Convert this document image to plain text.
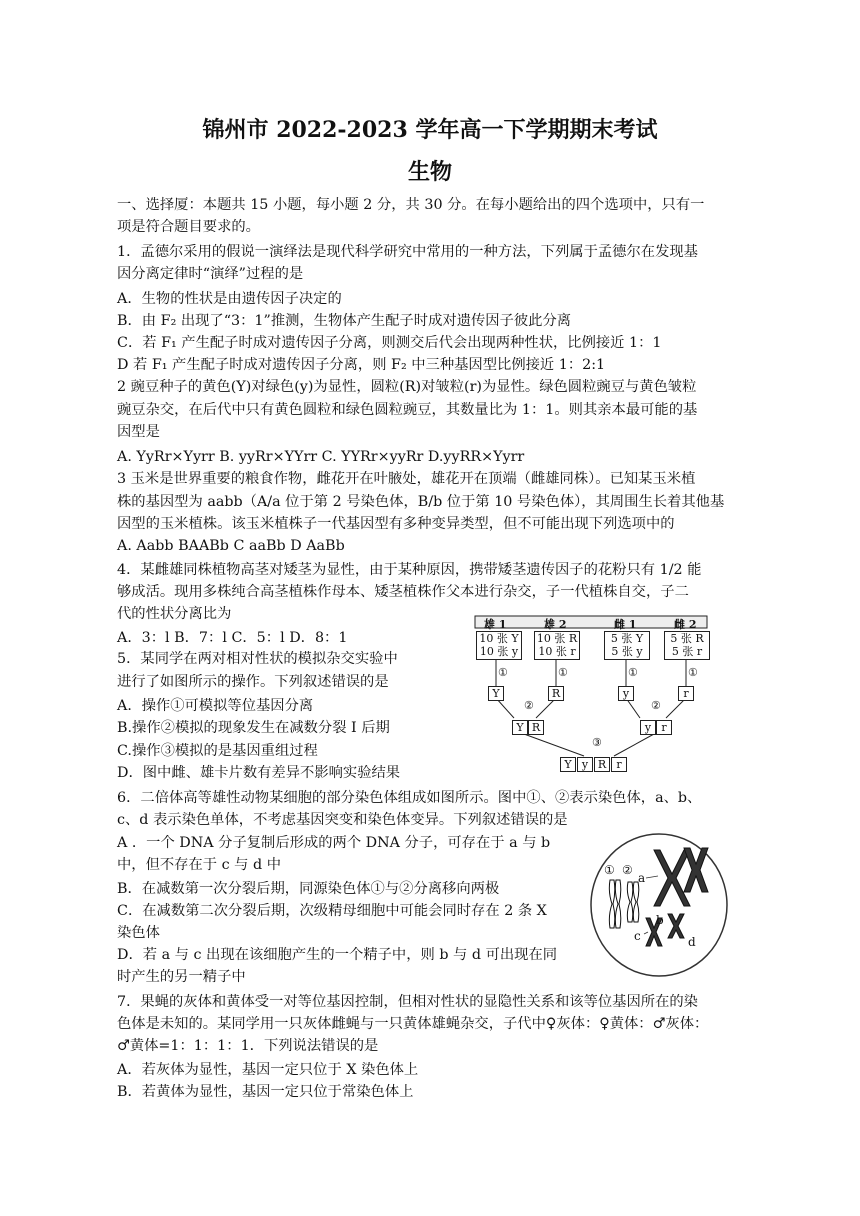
锦州市 2022-2023 学年高一下学期期末考试
生物
一、选择厦：本题共 15 小题，每小题 2 分，共 30 分。在每小题给出的四个选项中，只有一
项是符合题目要求的。
1．孟德尔采用的假说一演绎法是现代科学研究中常用的一种方法，下列属于孟德尔在发现基
因分离定律时“演绎”过程的是
A．生物的性状是由遗传因子决定的
B．由 F₂ 出现了“3：1”推测，生物体产生配子时成对遗传因子彼此分离
C．若 F₁ 产生配子时成对遗传因子分离，则测交后代会出现两种性状，比例接近 1：1
D 若 F₁ 产生配子时成对遗传因子分离，则 F₂ 中三种基因型比例接近 1：2:1
2 豌豆种子的黄色(Y)对绿色(y)为显性，圆粒(R)对皱粒(r)为显性。绿色圆粒豌豆与黄色皱粒
豌豆杂交，在后代中只有黄色圆粒和绿色圆粒豌豆，其数量比为 1：1。则其亲本最可能的基
因型是
A. YyRr×Yyrr B. yyRr×YYrr C. YYRr×yyRr D.yyRR×Yyrr
3 玉米是世界重要的粮食作物，雌花开在叶腋处，雄花开在顶端（雌雄同株）。已知某玉米植
株的基因型为 aabb（A/a 位于第 2 号染色体，B/b 位于第 10 号染色体），其周围生长着其他基
因型的玉米植株。该玉米植株子一代基因型有多种变异类型，但不可能出现下列选项中的
A. Aabb BAABb C aaBb D AaBb
4．某雌雄同株植物高茎对矮茎为显性，由于某种原因，携带矮茎遗传因子的花粉只有 1/2 能
够成活。现用多株纯合高茎植株作母本、矮茎植株作父本进行杂交，子一代植株自交，子二
代的性状分离比为
A．3：l B．7：l C．5：l D．8：1
5．某同学在两对相对性状的模拟杂交实验中
进行了如图所示的操作。下列叙述错误的是
A．操作①可模拟等位基因分离
B.操作②模拟的现象发生在减数分裂 I 后期
C.操作③模拟的是基因重组过程
D．图中雌、雄卡片数有差异不影响实验结果
6．二倍体高等雄性动物某细胞的部分染色体组成如图所示。图中①、②表示染色体，a、b、
c、d 表示染色单体，不考虑基因突变和染色体变异。下列叙述错误的是
A ．一个 DNA 分子复制后形成的两个 DNA 分子，可存在于 a 与 b
中，但不存在于 c 与 d 中
B．在减数第一次分裂后期，同源染色体①与②分离移向两极
C．在减数第二次分裂后期，次级精母细胞中可能会同时存在 2 条 X
染色体
D．若 a 与 c 出现在该细胞产生的一个精子中，则 b 与 d 可出现在同
时产生的另一精子中
7．果蝇的灰体和黄体受一对等位基因控制，但相对性状的显隐性关系和该等位基因所在的染
色体是未知的。某同学用一只灰体雌蝇与一只黄体雄蝇杂交，子代中♀灰体：♀黄体：♂灰体：
♂黄体=1：1：1：1．下列说法错误的是
A．若灰体为显性，基因一定只位于 X 染色体上
B．若黄体为显性，基因一定只位于常染色体上
①	①	①	①
②	②
③
雄 1	雄 2	雌 1	雌 2
10 张 Y
10 张 y
10 张 R
10 张 r
5 张 Y
5 张 y
5 张 R
5 张 r
Y	R	y	r
Y R	y r
Y y R r
① ②
a
b
c	d
